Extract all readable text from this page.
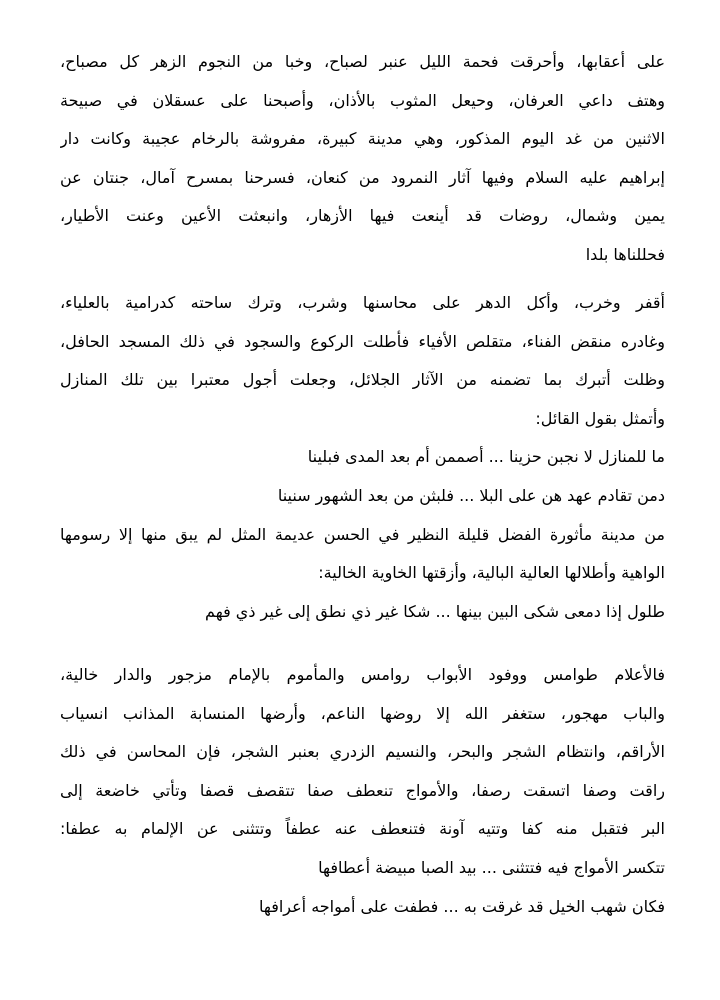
على أعقابها، وأحرقت فحمة الليل عنبر لصباح، وخبا من النجوم الزهر كل مصباح،
وهتف داعي العرفان، وحيعل المثوب بالأذان، وأصبحنا على عسقلان في صبيحة
الاثنين من غد اليوم المذكور، وهي مدينة كبيرة، مفروشة بالرخام عجيبة وكانت دار
إبراهيم عليه السلام وفيها آثار النمرود من كنعان، فسرحنا بمسرح آمال، جنتان عن
يمين وشمال، روضات قد أينعت فيها الأزهار، وانبعثت الأعين وعنت الأطيار،
فحللناها بلدا
أقفر وخرب، وأكل الدهر على محاسنها وشرب، وترك ساحته كدرامية بالعلياء،
وغادره منقض الفناء، متقلص الأفياء فأطلت الركوع والسجود في ذلك المسجد الحافل،
وظلت أتبرك بما تضمنه من الآثار الجلائل، وجعلت أجول معتبرا بين تلك المنازل
وأتمثل بقول القائل:
ما للمنازل لا نجبن حزينا ... أصممن أم بعد المدى فبلينا
دمن تقادم عهد هن على البلا ... فلبثن من بعد الشهور سنينا
من مدينة مأثورة الفضل قليلة النظير في الحسن عديمة المثل لم يبق منها إلا رسومها
الواهية وأطلالها العالية البالية، وأزقتها الخاوية الخالية:
طلول إذا دمعى شكى البين بينها ... شكا غير ذي نطق إلى غير ذي فهم
فالأعلام طوامس ووفود الأبواب روامس والمأموم بالإمام مزجور والدار خالية،
والباب مهجور، ستغفر الله إلا روضها الناعم، وأرضها المنسابة المذانب انسياب
الأراقم، وانتظام الشجر والبحر، والنسيم الزدري بعنبر الشجر، فإن المحاسن في ذلك
راقت وصفا اتسقت رصفا، والأمواج تنعطف صفا تتقصف قصفا وتأتي خاضعة إلى
البر فتقبل منه كفا وتتيه آونة فتنعطف عنه عطفاً وتتثنى عن الإلمام به عطفا:
تتكسر الأمواج فيه فتتثنى ... بيد الصبا مبيضة أعطافها
فكان شهب الخيل قد غرقت به ... فطفت على أمواجه أعرافها
